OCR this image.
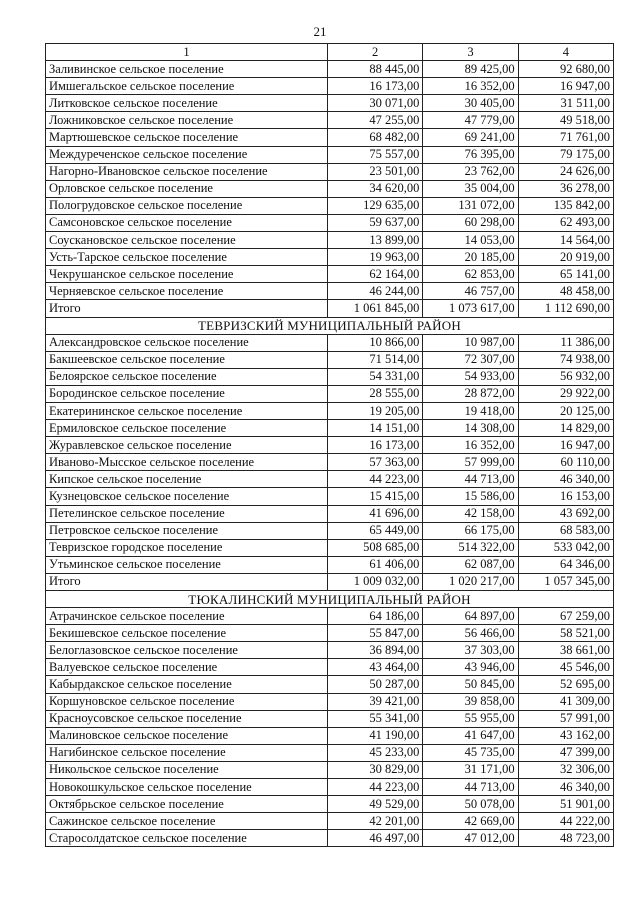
21
1	2	3	4
Заливинское сельское поселение	88 445,00	89 425,00	92 680,00
Имшегальское сельское поселение	16 173,00	16 352,00	16 947,00
Литковское сельское поселение	30 071,00	30 405,00	31 511,00
Ложниковское сельское поселение	47 255,00	47 779,00	49 518,00
Мартюшевское сельское поселение	68 482,00	69 241,00	71 761,00
Междуреченское сельское поселение	75 557,00	76 395,00	79 175,00
Нагорно-Ивановское сельское поселение	23 501,00	23 762,00	24 626,00
Орловское сельское поселение	34 620,00	35 004,00	36 278,00
Пологрудовское сельское поселение	129 635,00	131 072,00	135 842,00
Самсоновское сельское поселение	59 637,00	60 298,00	62 493,00
Соускановское сельское поселение	13 899,00	14 053,00	14 564,00
Усть-Тарское сельское поселение	19 963,00	20 185,00	20 919,00
Чекрушанское сельское поселение	62 164,00	62 853,00	65 141,00
Черняевское сельское поселение	46 244,00	46 757,00	48 458,00
Итого	1 061 845,00	1 073 617,00	1 112 690,00
ТЕВРИЗСКИЙ МУНИЦИПАЛЬНЫЙ РАЙОН			
Александровское сельское поселение	10 866,00	10 987,00	11 386,00
Бакшеевское сельское поселение	71 514,00	72 307,00	74 938,00
Белоярское сельское поселение	54 331,00	54 933,00	56 932,00
Бородинское сельское поселение	28 555,00	28 872,00	29 922,00
Екатерининское сельское поселение	19 205,00	19 418,00	20 125,00
Ермиловское сельское поселение	14 151,00	14 308,00	14 829,00
Журавлевское сельское поселение	16 173,00	16 352,00	16 947,00
Иваново-Мысское сельское поселение	57 363,00	57 999,00	60 110,00
Кипское сельское поселение	44 223,00	44 713,00	46 340,00
Кузнецовское сельское поселение	15 415,00	15 586,00	16 153,00
Петелинское сельское поселение	41 696,00	42 158,00	43 692,00
Петровское сельское поселение	65 449,00	66 175,00	68 583,00
Тевризское городское поселение	508 685,00	514 322,00	533 042,00
Утьминское сельское поселение	61 406,00	62 087,00	64 346,00
Итого	1 009 032,00	1 020 217,00	1 057 345,00
ТЮКАЛИНСКИЙ МУНИЦИПАЛЬНЫЙ РАЙОН			
Атрачинское сельское поселение	64 186,00	64 897,00	67 259,00
Бекишевское сельское поселение	55 847,00	56 466,00	58 521,00
Белоглазовское сельское поселение	36 894,00	37 303,00	38 661,00
Валуевское сельское поселение	43 464,00	43 946,00	45 546,00
Кабырдакское сельское поселение	50 287,00	50 845,00	52 695,00
Коршуновское сельское поселение	39 421,00	39 858,00	41 309,00
Красноусовское сельское поселение	55 341,00	55 955,00	57 991,00
Малиновское сельское поселение	41 190,00	41 647,00	43 162,00
Нагибинское сельское поселение	45 233,00	45 735,00	47 399,00
Никольское сельское поселение	30 829,00	31 171,00	32 306,00
Новокошкульское сельское поселение	44 223,00	44 713,00	46 340,00
Октябрьское сельское поселение	49 529,00	50 078,00	51 901,00
Сажинское сельское поселение	42 201,00	42 669,00	44 222,00
Старосолдатское сельское поселение	46 497,00	47 012,00	48 723,00
